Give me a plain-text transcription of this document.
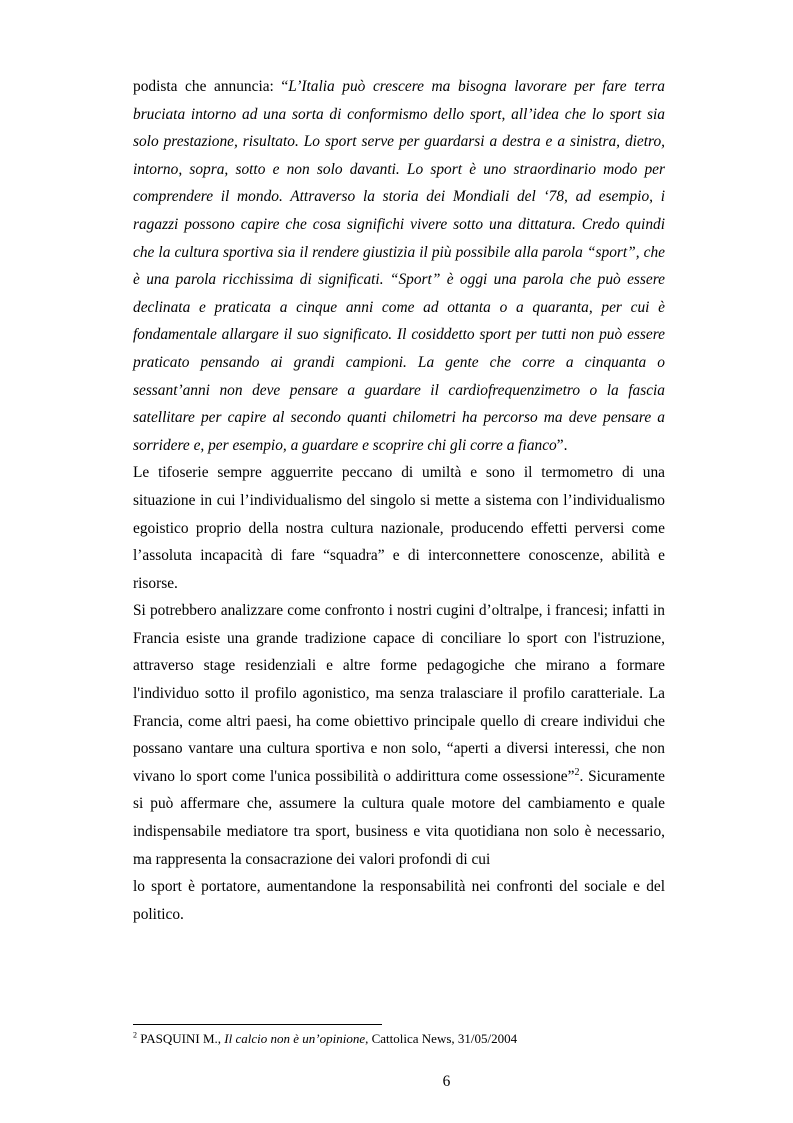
podista che annuncia: “L’Italia può crescere ma bisogna lavorare per fare terra bruciata intorno ad una sorta di conformismo dello sport, all’idea che lo sport sia solo prestazione, risultato. Lo sport serve per guardarsi a destra e a sinistra, dietro, intorno, sopra, sotto e non solo davanti. Lo sport è uno straordinario modo per comprendere il mondo. Attraverso la storia dei Mondiali del ‘78, ad esempio, i ragazzi possono capire che cosa significhi vivere sotto una dittatura. Credo quindi che la cultura sportiva sia il rendere giustizia il più possibile alla parola “sport”, che è una parola ricchissima di significati. “Sport” è oggi una parola che può essere declinata e praticata a cinque anni come ad ottanta o a quaranta, per cui è fondamentale allargare il suo significato. Il cosiddetto sport per tutti non può essere praticato pensando ai grandi campioni. La gente che corre a cinquanta o sessant’anni non deve pensare a guardare il cardiofrequenzimetro o la fascia satellitare per capire al secondo quanti chilometri ha percorso ma deve pensare a sorridere e, per esempio, a guardare e scoprire chi gli corre a fianco”.

Le tifoserie sempre agguerrite peccano di umiltà e sono il termometro di una situazione in cui l’individualismo del singolo si mette a sistema con l’individualismo egoistico proprio della nostra cultura nazionale, producendo effetti perversi come l’assoluta incapacità di fare “squadra” e di interconnettere conoscenze, abilità e risorse.

Si potrebbero analizzare come confronto i nostri cugini d’oltralpe, i francesi; infatti in Francia esiste una grande tradizione capace di conciliare lo sport con l'istruzione, attraverso stage residenziali e altre forme pedagogiche che mirano a formare l'individuo sotto il profilo agonistico, ma senza tralasciare il profilo caratteriale. La Francia, come altri paesi, ha come obiettivo principale quello di creare individui che possano vantare una cultura sportiva e non solo, “aperti a diversi interessi, che non vivano lo sport come l'unica possibilità o addirittura come ossessione”$^2$. Sicuramente si può affermare che, assumere la cultura quale motore del cambiamento e quale indispensabile mediatore tra sport, business e vita quotidiana non solo è necessario, ma rappresenta la consacrazione dei valori profondi di cui

lo sport è portatore, aumentandone la responsabilità nei confronti del sociale e del politico.

$^2$ PASQUINI M., Il calcio non è un’opinione, Cattolica News, 31/05/2004
6
